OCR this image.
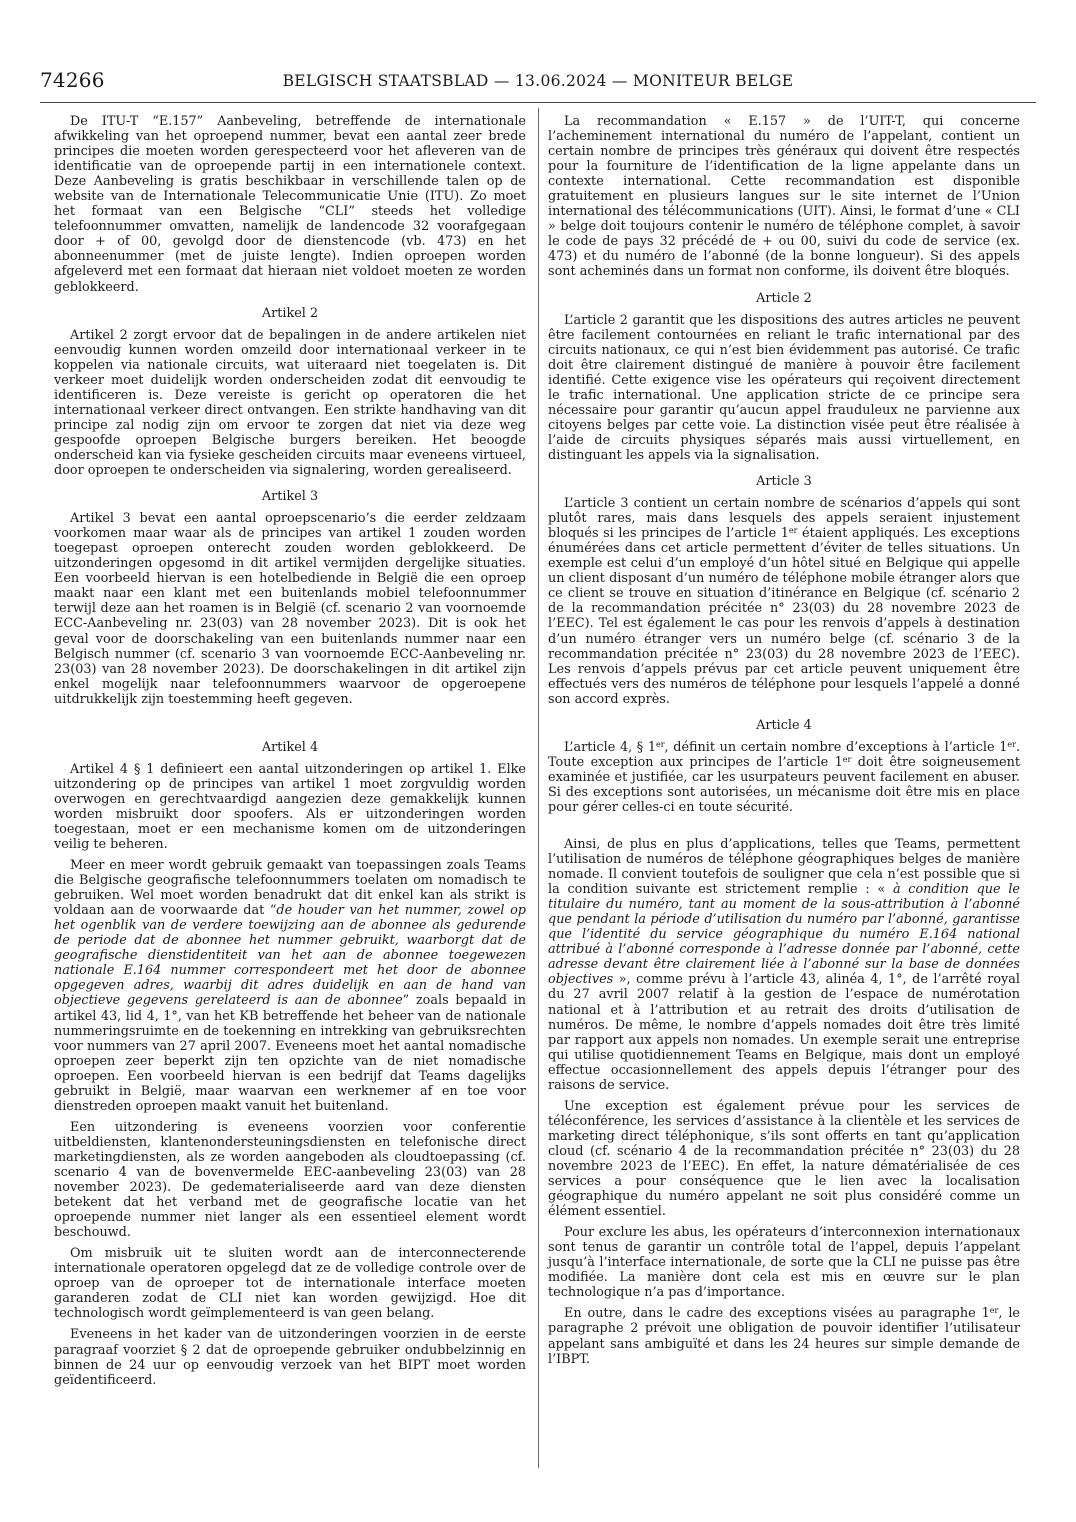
74266	BELGISCH STAATSBLAD — 13.06.2024 — MONITEUR BELGE

De ITU-T “E.157” Aanbeveling, betreffende de internationale afwikkeling van het oproepend nummer, bevat een aantal zeer brede principes die moeten worden gerespecteerd voor het afleveren van de identificatie van de oproepende partij in een internationele context. Deze Aanbeveling is gratis beschikbaar in verschillende talen op de website van de Internationale Telecommunicatie Unie (ITU). Zo moet het formaat van een Belgische “CLI” steeds het volledige telefoonnummer omvatten, namelijk de landencode 32 voorafgegaan door + of 00, gevolgd door de dienstencode (vb. 473) en het abonneenummer (met de juiste lengte). Indien oproepen worden afgeleverd met een formaat dat hieraan niet voldoet moeten ze worden geblokkeerd.

Artikel 2

Artikel 2 zorgt ervoor dat de bepalingen in de andere artikelen niet eenvoudig kunnen worden omzeild door internationaal verkeer in te koppelen via nationale circuits, wat uiteraard niet toegelaten is. Dit verkeer moet duidelijk worden onderscheiden zodat dit eenvoudig te identificeren is. Deze vereiste is gericht op operatoren die het internationaal verkeer direct ontvangen. Een strikte handhaving van dit principe zal nodig zijn om ervoor te zorgen dat niet via deze weg gespoofde oproepen Belgische burgers bereiken. Het beoogde onderscheid kan via fysieke gescheiden circuits maar eveneens virtueel, door oproepen te onderscheiden via signalering, worden gerealiseerd.

Artikel 3

Artikel 3 bevat een aantal oproepscenario’s die eerder zeldzaam voorkomen maar waar als de principes van artikel 1 zouden worden toegepast oproepen onterecht zouden worden geblokkeerd. De uitzonderingen opgesomd in dit artikel vermijden dergelijke situaties. Een voorbeeld hiervan is een hotelbediende in België die een oproep maakt naar een klant met een buitenlands mobiel telefoonnummer terwijl deze aan het roamen is in België (cf. scenario 2 van voornoemde ECC-Aanbeveling nr. 23(03) van 28 november 2023). Dit is ook het geval voor de doorschakeling van een buitenlands nummer naar een Belgisch nummer (cf. scenario 3 van voornoemde ECC-Aanbeveling nr. 23(03) van 28 november 2023). De doorschakelingen in dit artikel zijn enkel mogelijk naar telefoonnummers waarvoor de opgeroepene uitdrukkelijk zijn toestemming heeft gegeven.

Artikel 4

Artikel 4 § 1 definieert een aantal uitzonderingen op artikel 1. Elke uitzondering op de principes van artikel 1 moet zorgvuldig worden overwogen en gerechtvaardigd aangezien deze gemakkelijk kunnen worden misbruikt door spoofers. Als er uitzonderingen worden toegestaan, moet er een mechanisme komen om de uitzonderingen veilig te beheren.

Meer en meer wordt gebruik gemaakt van toepassingen zoals Teams die Belgische geografische telefoonnummers toelaten om nomadisch te gebruiken. Wel moet worden benadrukt dat dit enkel kan als strikt is voldaan aan de voorwaarde dat “de houder van het nummer, zowel op het ogenblik van de verdere toewijzing aan de abonnee als gedurende de periode dat de abonnee het nummer gebruikt, waarborgt dat de geografische dienstidentiteit van het aan de abonnee toegewezen nationale E.164 nummer correspondeert met het door de abonnee opgegeven adres, waarbij dit adres duidelijk en aan de hand van objectieve gegevens gerelateerd is aan de abonnee” zoals bepaald in artikel 43, lid 4, 1°, van het KB betreffende het beheer van de nationale nummeringsruimte en de toekenning en intrekking van gebruiksrechten voor nummers van 27 april 2007. Eveneens moet het aantal nomadische oproepen zeer beperkt zijn ten opzichte van de niet nomadische oproepen. Een voorbeeld hiervan is een bedrijf dat Teams dagelijks gebruikt in België, maar waarvan een werknemer af en toe voor dienstreden oproepen maakt vanuit het buitenland.

Een uitzondering is eveneens voorzien voor conferentie uitbeldiensten, klantenondersteuningsdiensten en telefonische direct marketingdiensten, als ze worden aangeboden als cloudtoepassing (cf. scenario 4 van de bovenvermelde EEC-aanbeveling 23(03) van 28 november 2023). De gedematerialiseerde aard van deze diensten betekent dat het verband met de geografische locatie van het oproepende nummer niet langer als een essentieel element wordt beschouwd.

Om misbruik uit te sluiten wordt aan de interconnecterende internationale operatoren opgelegd dat ze de volledige controle over de oproep van de oproeper tot de internationale interface moeten garanderen zodat de CLI niet kan worden gewijzigd. Hoe dit technologisch wordt geïmplementeerd is van geen belang.

Eveneens in het kader van de uitzonderingen voorzien in de eerste paragraaf voorziet § 2 dat de oproepende gebruiker ondubbelzinnig en binnen de 24 uur op eenvoudig verzoek van het BIPT moet worden geïdentificeerd.

La recommandation « E.157 » de l’UIT-T, qui concerne l’acheminement international du numéro de l’appelant, contient un certain nombre de principes très généraux qui doivent être respectés pour la fourniture de l’identification de la ligne appelante dans un contexte international. Cette recommandation est disponible gratuitement en plusieurs langues sur le site internet de l’Union international des télécommunications (UIT). Ainsi, le format d’une « CLI » belge doit toujours contenir le numéro de téléphone complet, à savoir le code de pays 32 précédé de + ou 00, suivi du code de service (ex. 473) et du numéro de l’abonné (de la bonne longueur). Si des appels sont acheminés dans un format non conforme, ils doivent être bloqués.

Article 2

L’article 2 garantit que les dispositions des autres articles ne peuvent être facilement contournées en reliant le trafic international par des circuits nationaux, ce qui n’est bien évidemment pas autorisé. Ce trafic doit être clairement distingué de manière à pouvoir être facilement identifié. Cette exigence vise les opérateurs qui reçoivent directement le trafic international. Une application stricte de ce principe sera nécessaire pour garantir qu’aucun appel frauduleux ne parvienne aux citoyens belges par cette voie. La distinction visée peut être réalisée à l’aide de circuits physiques séparés mais aussi virtuellement, en distinguant les appels via la signalisation.

Article 3

L’article 3 contient un certain nombre de scénarios d’appels qui sont plutôt rares, mais dans lesquels des appels seraient injustement bloqués si les principes de l’article 1er étaient appliqués. Les exceptions énumérées dans cet article permettent d’éviter de telles situations. Un exemple est celui d’un employé d’un hôtel situé en Belgique qui appelle un client disposant d’un numéro de téléphone mobile étranger alors que ce client se trouve en situation d’itinérance en Belgique (cf. scénario 2 de la recommandation précitée n° 23(03) du 28 novembre 2023 de l’EEC). Tel est également le cas pour les renvois d’appels à destination d’un numéro étranger vers un numéro belge (cf. scénario 3 de la recommandation précitée n° 23(03) du 28 novembre 2023 de l’EEC). Les renvois d’appels prévus par cet article peuvent uniquement être effectués vers des numéros de téléphone pour lesquels l’appelé a donné son accord exprès.

Article 4

L’article 4, § 1er, définit un certain nombre d’exceptions à l’article 1er. Toute exception aux principes de l’article 1er doit être soigneusement examinée et justifiée, car les usurpateurs peuvent facilement en abuser. Si des exceptions sont autorisées, un mécanisme doit être mis en place pour gérer celles-ci en toute sécurité.

Ainsi, de plus en plus d’applications, telles que Teams, permettent l’utilisation de numéros de téléphone géographiques belges de manière nomade. Il convient toutefois de souligner que cela n’est possible que si la condition suivante est strictement remplie : « à condition que le titulaire du numéro, tant au moment de la sous-attribution à l’abonné que pendant la période d’utilisation du numéro par l’abonné, garantisse que l’identité du service géographique du numéro E.164 national attribué à l’abonné corresponde à l’adresse donnée par l’abonné, cette adresse devant être clairement liée à l’abonné sur la base de données objectives », comme prévu à l’article 43, alinéa 4, 1°, de l’arrêté royal du 27 avril 2007 relatif à la gestion de l’espace de numérotation national et à l’attribution et au retrait des droits d’utilisation de numéros. De même, le nombre d’appels nomades doit être très limité par rapport aux appels non nomades. Un exemple serait une entreprise qui utilise quotidiennement Teams en Belgique, mais dont un employé effectue occasionnellement des appels depuis l’étranger pour des raisons de service.

Une exception est également prévue pour les services de téléconférence, les services d’assistance à la clientèle et les services de marketing direct téléphonique, s’ils sont offerts en tant qu’application cloud (cf. scénario 4 de la recommandation précitée n° 23(03) du 28 novembre 2023 de l’EEC). En effet, la nature dématérialisée de ces services a pour conséquence que le lien avec la localisation géographique du numéro appelant ne soit plus considéré comme un élément essentiel.

Pour exclure les abus, les opérateurs d’interconnexion internationaux sont tenus de garantir un contrôle total de l’appel, depuis l’appelant jusqu’à l’interface internationale, de sorte que la CLI ne puisse pas être modifiée. La manière dont cela est mis en œuvre sur le plan technologique n’a pas d’importance.

En outre, dans le cadre des exceptions visées au paragraphe 1er, le paragraphe 2 prévoit une obligation de pouvoir identifier l’utilisateur appelant sans ambiguïté et dans les 24 heures sur simple demande de l’IBPT.
